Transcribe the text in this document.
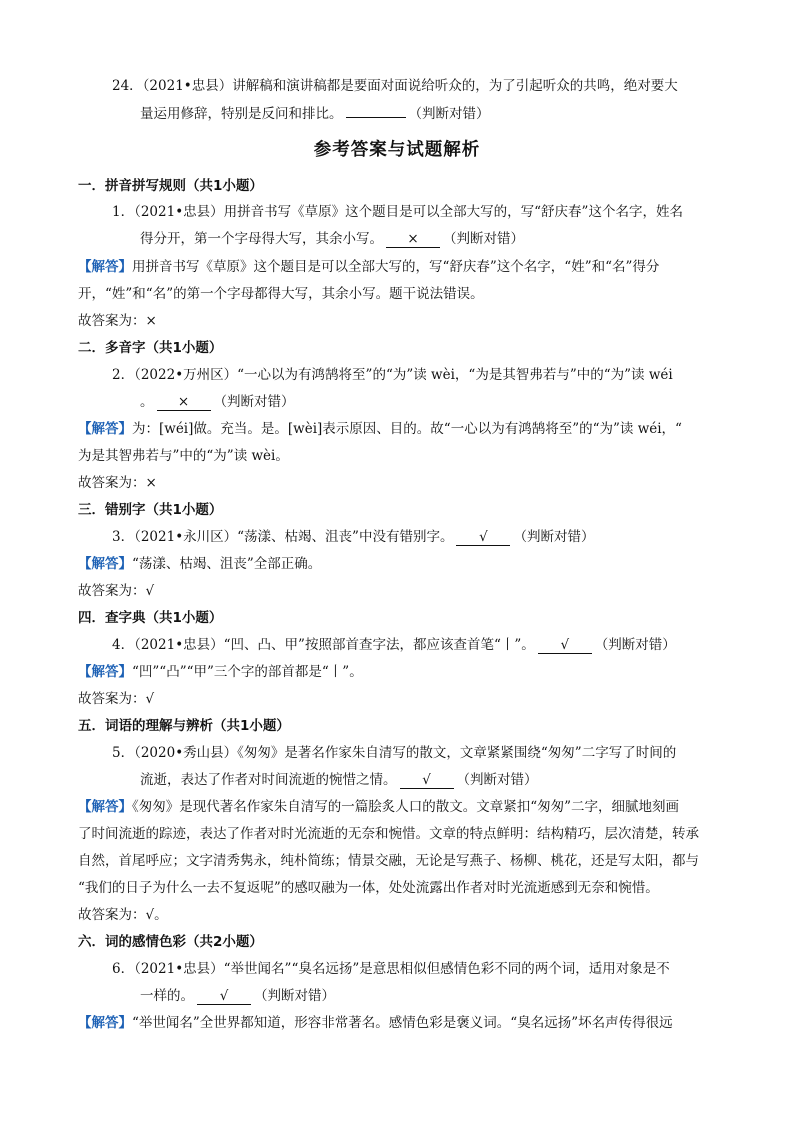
24．（2021•忠县）讲解稿和演讲稿都是要面对面说给听众的，为了引起听众的共鸣，绝对要大
量运用修辞，特别是反问和排比。	（判断对错）
参考答案与试题解析
一．拼音拼写规则（共1小题）
1．（2021•忠县）用拼音书写《草原》这个题目是可以全部大写的，写“舒庆春”这个名字，姓名
得分开，第一个字母得大写，其余小写。 × （判断对错）
【解答】用拼音书写《草原》这个题目是可以全部大写的，写“舒庆春”这个名字，“姓”和“名”得分
开，“姓”和“名”的第一个字母都得大写，其余小写。题干说法错误。
故答案为：×
二．多音字（共1小题）
2．（2022•万州区）“一心以为有鸿鹄将至”的“为”读 wèi，“为是其智弗若与”中的“为”读 wéi
。 × （判断对错）
【解答】为：[wéi]做。充当。是。[wèi]表示原因、目的。故“一心以为有鸿鹄将至”的“为”读 wéi，“
为是其智弗若与”中的“为”读 wèi。
故答案为：×
三．错别字（共1小题）
3．（2021•永川区）“荡漾、枯竭、沮丧”中没有错别字。 √ （判断对错）
【解答】“荡漾、枯竭、沮丧”全部正确。
故答案为：√
四．查字典（共1小题）
4．（2021•忠县）“凹、凸、甲”按照部首查字法，都应该查首笔“丨”。 √ （判断对错）
【解答】“凹”“凸”“甲”三个字的部首都是“丨”。
故答案为：√
五．词语的理解与辨析（共1小题）
5．（2020•秀山县）《匆匆》是著名作家朱自清写的散文，文章紧紧围绕“匆匆”二字写了时间的
流逝，表达了作者对时间流逝的惋惜之情。 √ （判断对错）
【解答】《匆匆》是现代著名作家朱自清写的一篇脍炙人口的散文。文章紧扣“匆匆”二字，细腻地刻画
了时间流逝的踪迹，表达了作者对时光流逝的无奈和惋惜。文章的特点鲜明：结构精巧，层次清楚，转承
自然，首尾呼应；文字清秀隽永，纯朴简练；情景交融，无论是写燕子、杨柳、桃花，还是写太阳，都与
“我们的日子为什么一去不复返呢”的感叹融为一体，处处流露出作者对时光流逝感到无奈和惋惜。
故答案为：√。
六．词的感情色彩（共2小题）
6．（2021•忠县）“举世闻名”“臭名远扬”是意思相似但感情色彩不同的两个词，适用对象是不
一样的。 √ （判断对错）
【解答】“举世闻名”全世界都知道，形容非常著名。感情色彩是褒义词。“臭名远扬”坏名声传得很远
